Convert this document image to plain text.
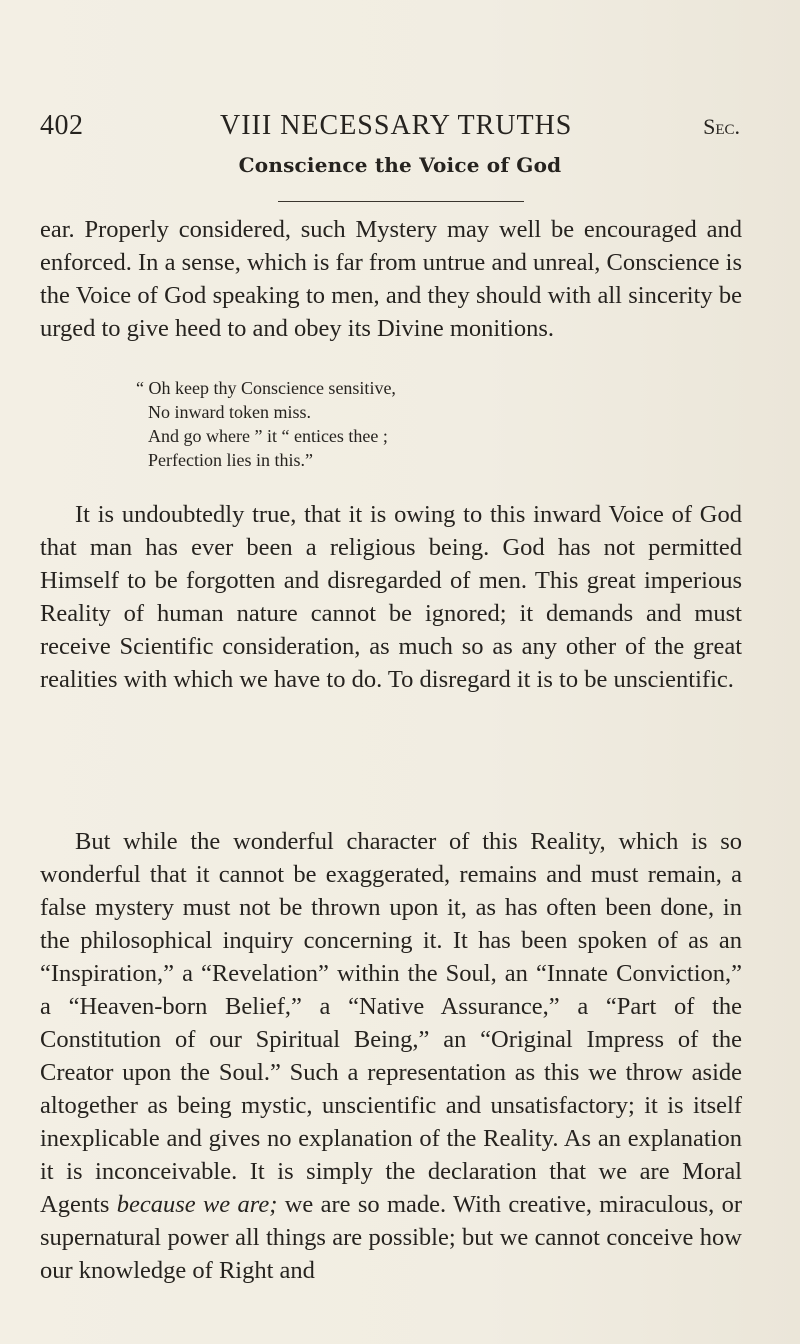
402	VIII NECESSARY TRUTHS	Sec.
Conscience the Voice of God

ear. Properly considered, such Mystery may well be encouraged and enforced. In a sense, which is far from untrue and unreal, Conscience is the Voice of God speaking to men, and they should with all sincerity be urged to give heed to and obey its Divine monitions.

“ Oh keep thy Conscience sensitive,
No inward token miss.
And go where ” it “ entices thee ;
Perfection lies in this.”

It is undoubtedly true, that it is owing to this inward Voice of God that man has ever been a religious being. God has not permitted Himself to be forgotten and disregarded of men. This great imperious Reality of human nature cannot be ignored; it demands and must receive Scientific consideration, as much so as any other of the great realities with which we have to do. To disregard it is to be unscientific.

But while the wonderful character of this Reality, which is so wonderful that it cannot be exaggerated, remains and must remain, a false mystery must not be thrown upon it, as has often been done, in the philosophical inquiry concerning it. It has been spoken of as an “Inspiration,” a “Revelation” within the Soul, an “Innate Conviction,” a “Heaven-born Belief,” a “Native Assurance,” a “Part of the Constitution of our Spiritual Being,” an “Original Impress of the Creator upon the Soul.” Such a representation as this we throw aside altogether as being mystic, unscientific and unsatisfactory; it is itself inexplicable and gives no explanation of the Reality. As an explanation it is inconceivable. It is simply the declaration that we are Moral Agents because we are; we are so made. With creative, miraculous, or supernatural power all things are possible; but we cannot conceive how our knowledge of Right and
